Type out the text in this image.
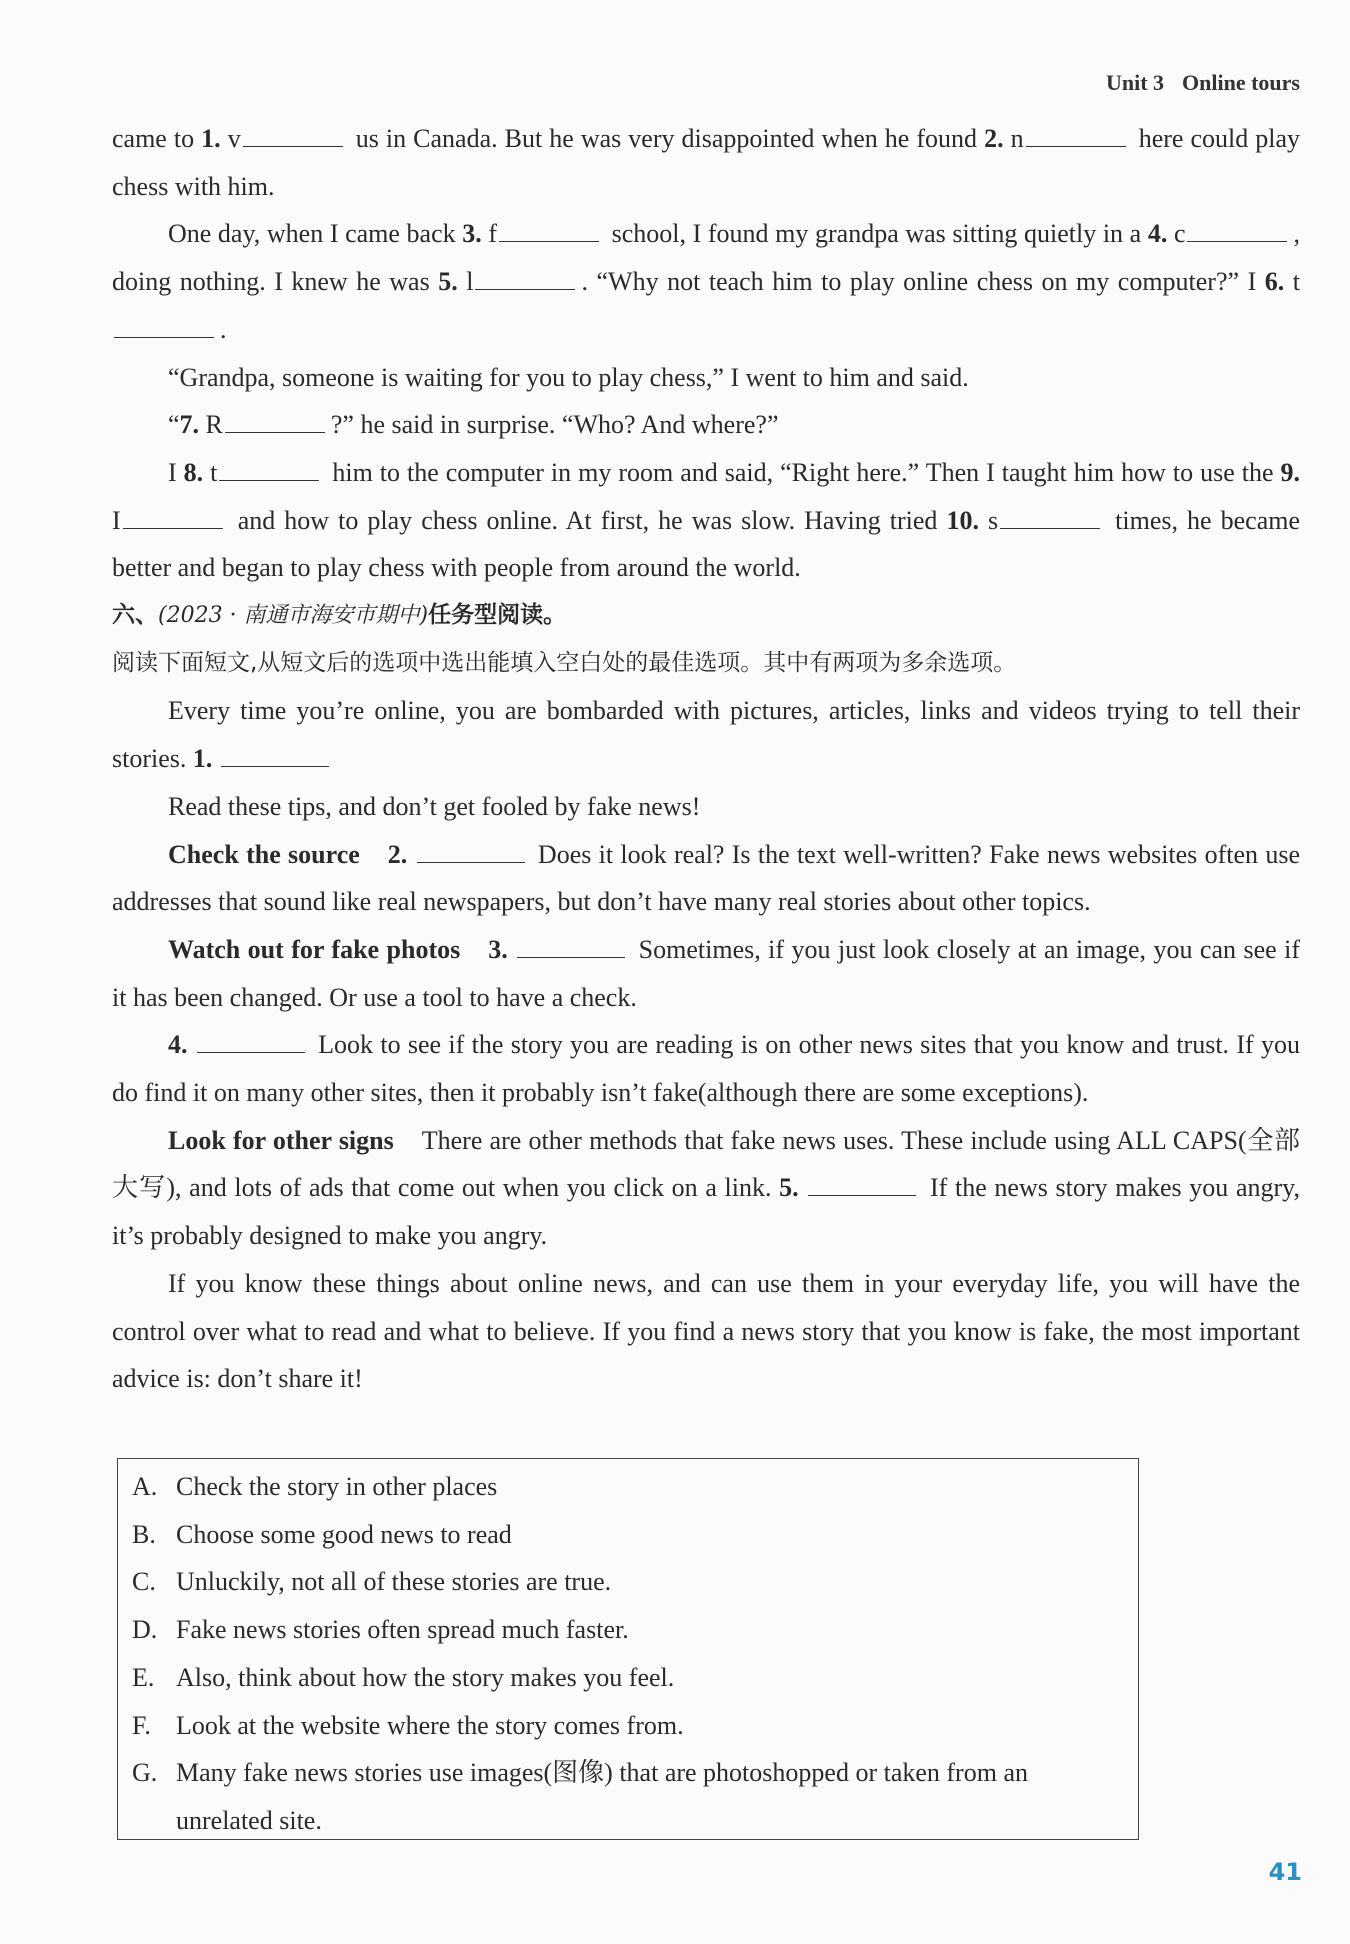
Unit 3 Online tours

came to 1. v	us in Canada. But he was very disappointed when he found 2. n	here could play chess with him.

One day, when I came back 3. f	school, I found my grandpa was sitting quietly in a 4. c	, doing nothing. I knew he was 5. l	. “Why not teach him to play online chess on my computer?” I 6. t.

“Grandpa, someone is waiting for you to play chess,” I went to him and said.

“7. R	?” he said in surprise. “Who? And where?”

I 8. t	him to the computer in my room and said, “Right here.” Then I taught him how to use the 9. I	and how to play chess online. At first, he was slow. Having tried 10. s	times, he became better and began to play chess with people from around the world.

六、(2023 · 南通市海安市期中)任务型阅读。

阅读下面短文,从短文后的选项中选出能填入空白处的最佳选项。其中有两项为多余选项。

Every time you’re online, you are bombarded with pictures, articles, links and videos trying to tell their stories. 1.

Read these tips, and don’t get fooled by fake news!

Check the source 2.	Does it look real? Is the text well-written? Fake news websites often use addresses that sound like real newspapers, but don’t have many real stories about other topics.

Watch out for fake photos 3.	Sometimes, if you just look closely at an image, you can see if it has been changed. Or use a tool to have a check.

4.	Look to see if the story you are reading is on other news sites that you know and trust. If you do find it on many other sites, then it probably isn’t fake(although there are some exceptions).

Look for other signs There are other methods that fake news uses. These include using ALL CAPS(全部大写), and lots of ads that come out when you click on a link. 5.	If the news story makes you angry, it’s probably designed to make you angry.

If you know these things about online news, and can use them in your everyday life, you will have the control over what to read and what to believe. If you find a news story that you know is fake, the most important advice is: don’t share it!

A. Check the story in other places
B. Choose some good news to read
C. Unluckily, not all of these stories are true.
D. Fake news stories often spread much faster.
E. Also, think about how the story makes you feel.
F. Look at the website where the story comes from.
G. Many fake news stories use images(图像) that are photoshopped or taken from an unrelated site.
41
